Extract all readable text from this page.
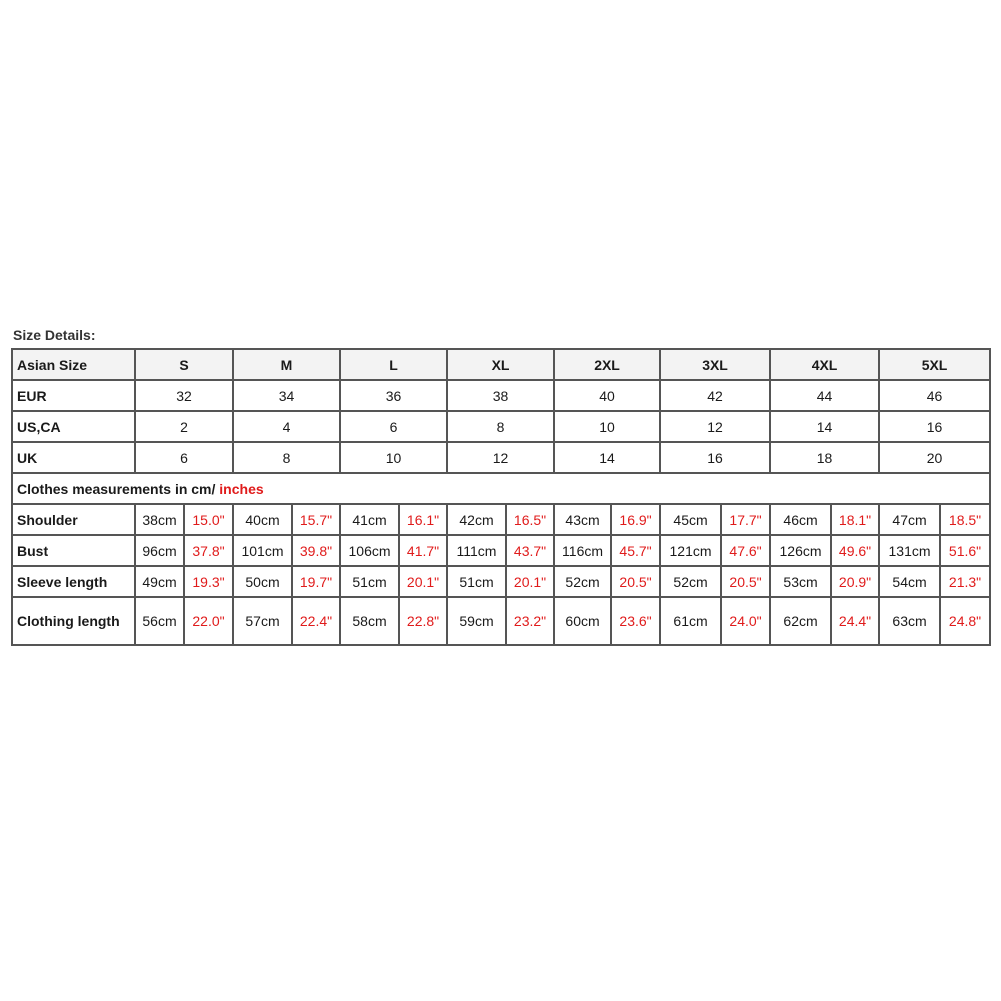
Size Details:
Asian Size	S		M		L		XL		2XL		3XL		4XL		5XL	
EUR	32		34		36		38		40		42		44		46	
US,CA	2		4		6		8		10		12		14		16	
UK	6		8		10		12		14		16		18		20	
Clothes measurements in cm/ inches																
Shoulder	38cm	15.0"	40cm	15.7"	41cm	16.1"	42cm	16.5"	43cm	16.9"	45cm	17.7"	46cm	18.1"	47cm	18.5"
Bust	96cm	37.8"	101cm	39.8"	106cm	41.7"	111cm	43.7"	116cm	45.7"	121cm	47.6"	126cm	49.6"	131cm	51.6"
Sleeve length	49cm	19.3"	50cm	19.7"	51cm	20.1"	51cm	20.1"	52cm	20.5"	52cm	20.5"	53cm	20.9"	54cm	21.3"
Clothing length	56cm	22.0"	57cm	22.4"	58cm	22.8"	59cm	23.2"	60cm	23.6"	61cm	24.0"	62cm	24.4"	63cm	24.8"
